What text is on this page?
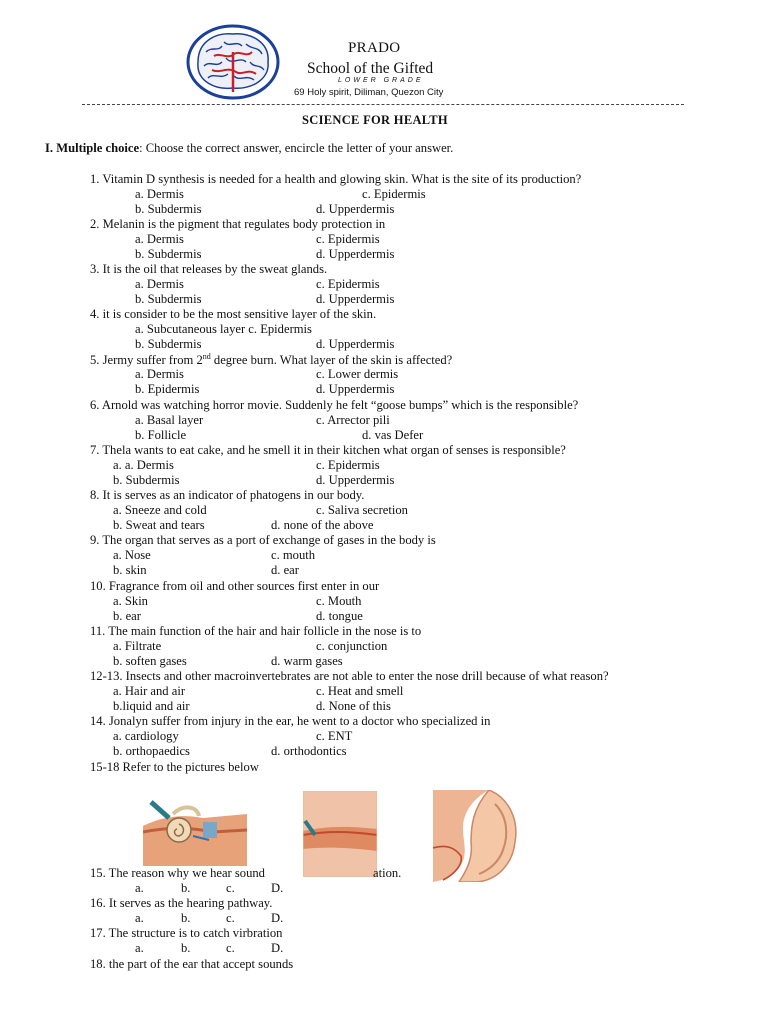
PRADO
School of the Gifted
LOWER GRADE
69 Holy spirit, Diliman, Quezon City
SCIENCE FOR HEALTH
I. Multiple choice: Choose the correct answer, encircle the letter of your answer.
1. Vitamin D synthesis is needed for a health and glowing skin. What is the site of its production?
a. Dermis	c. Epidermis
b. Subdermis	d. Upperdermis
2. Melanin is the pigment that regulates body protection in
a. Dermis	c. Epidermis
b. Subdermis	d. Upperdermis
3. It is the oil that releases by the sweat glands.
a. Dermis	c. Epidermis
b. Subdermis	d. Upperdermis
4. it is consider to be the most sensitive layer of the skin.
a. Subcutaneous layer c. Epidermis
b. Subdermis	d. Upperdermis
5. Jermy suffer from 2nd degree burn. What layer of the skin is affected?
a. Dermis	c. Lower dermis
b. Epidermis	d. Upperdermis
6. Arnold was watching horror movie. Suddenly he felt “goose bumps” which is the responsible?
a. Basal layer	c. Arrector pili
b. Follicle	d. vas Defer
7. Thela wants to eat cake, and he smell it in their kitchen what organ of senses is responsible?
a. a. Dermis	c. Epidermis
b. Subdermis	d. Upperdermis
8. It is serves as an indicator of phatogens in our body.
a. Sneeze and cold	c. Saliva secretion
b. Sweat and tears	d. none of the above
9. The organ that serves as a port of exchange of gases in the body is
a. Nose	c. mouth
b. skin	d. ear
10. Fragrance from oil and other sources first enter in our
a. Skin	c. Mouth
b. ear	d. tongue
11. The main function of the hair and hair follicle in the nose is to
a. Filtrate	c. conjunction
b. soften gases	d. warm gases
12-13. Insects and other macroinvertebrates are not able to enter the nose drill because of what reason?
a. Hair and air	c. Heat and smell
b.liquid and air	d. None of this
14. Jonalyn suffer from injury in the ear, he went to a doctor who specialized in
a. cardiology	c. ENT
b. orthopaedics	d. orthodontics
15-18 Refer to the pictures below
15. The reason why we hear sound	ation.
a.	b.	c.	D.
16. It serves as the hearing pathway.
a.	b.	c.	D.
17. The structure is to catch virbration
a.	b.	c.	D.
18. the part of the ear that accept sounds
